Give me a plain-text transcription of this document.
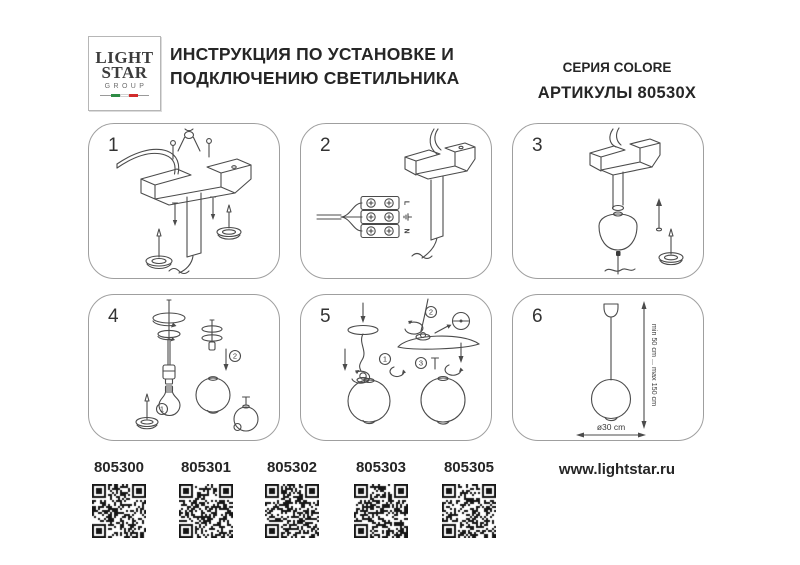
LIGHT
STAR
GROUP
ИНСТРУКЦИЯ ПО УСТАНОВКЕ И
ПОДКЛЮЧЕНИЮ СВЕТИЛЬНИКА
СЕРИЯ COLORE
АРТИКУЛЫ 80530X
1	2
L
N
3
4
1
2
5
1
2
3
6
min 50 cm ... max 150 cm
ø30 cm
805300 805301 805302	805303	805305	www.lightstar.ru
